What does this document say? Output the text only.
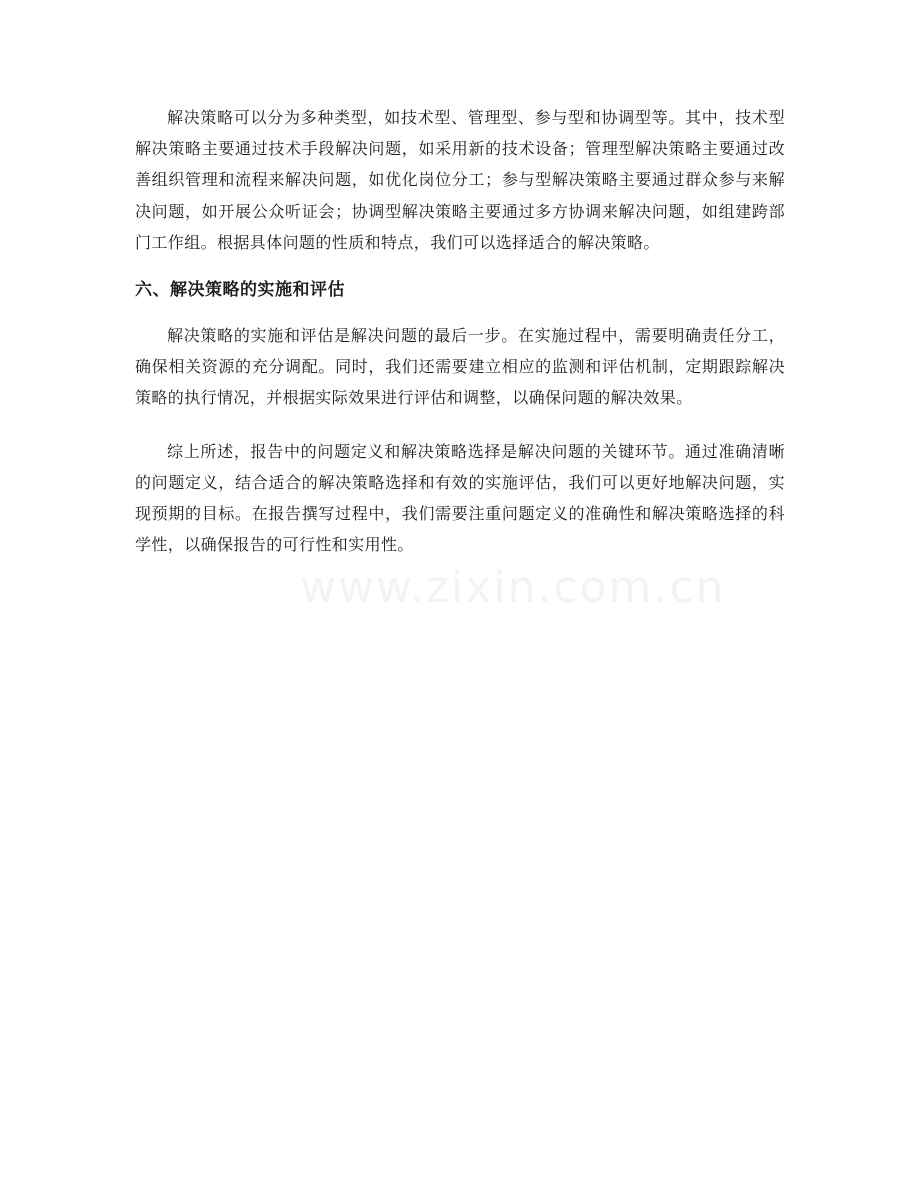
解决策略可以分为多种类型，如技术型、管理型、参与型和协调型等。其中，技术型解决策略主要通过技术手段解决问题，如采用新的技术设备；管理型解决策略主要通过改善组织管理和流程来解决问题，如优化岗位分工；参与型解决策略主要通过群众参与来解决问题，如开展公众听证会；协调型解决策略主要通过多方协调来解决问题，如组建跨部门工作组。根据具体问题的性质和特点，我们可以选择适合的解决策略。

六、解决策略的实施和评估

解决策略的实施和评估是解决问题的最后一步。在实施过程中，需要明确责任分工，确保相关资源的充分调配。同时，我们还需要建立相应的监测和评估机制，定期跟踪解决策略的执行情况，并根据实际效果进行评估和调整，以确保问题的解决效果。

综上所述，报告中的问题定义和解决策略选择是解决问题的关键环节。通过准确清晰的问题定义，结合适合的解决策略选择和有效的实施评估，我们可以更好地解决问题，实现预期的目标。在报告撰写过程中，我们需要注重问题定义的准确性和解决策略选择的科学性，以确保报告的可行性和实用性。

www.zixin.com.cn
